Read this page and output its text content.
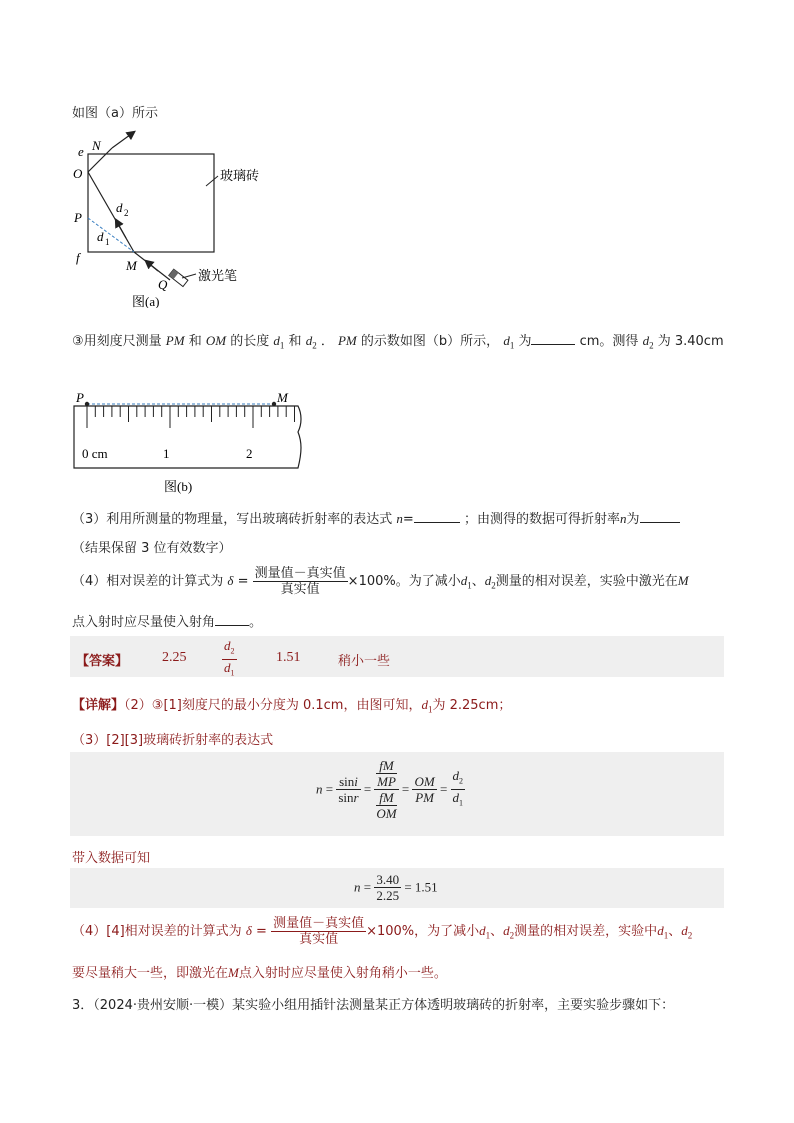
如图（a）所示
e N
O
P
f
M
Q
d 2
d 1
玻璃砖
激光笔
图(a)
③用刻度尺测量 PM 和 OM 的长度 $d_1$ 和 $d_2$ ． PM 的示数如图（b）所示， $d_1$ 为	cm。测得 $d_2$ 为 3.40cm
P	M
0 cm	1	2
图(b)
（3）利用所测量的物理量，写出玻璃砖折射率的表达式 n=	；由测得的数据可得折射率n为
（结果保留 3 位有效数字）
（4）相对误差的计算式为 $\delta = \frac{\text{测量值－真实值}}{\text{真实值}} \times 100\%$。为了减小$d_1$、$d_2$测量的相对误差，实验中激光在M
点入射时应尽量使入射角	。
【答案】 2.25
$d_2$
$d_1$
1.51	稍小一些
【详解】（2）③[1]刻度尺的最小分度为 0.1cm，由图可知，$d_1$为 2.25cm；
（3）[2][3]玻璃砖折射率的表达式
$n = \frac{\sin i}{\sin r}$ = fM
MP
fM
OM = $\frac{OM}{PM} = \frac{d_2}{d_1}$
带入数据可知
$n = \frac{3.40}{2.25} = 1.51$
（4）[4]相对误差的计算式为 $\delta = \frac{\text{测量值－真实值}}{\text{真实值}} \times 100\%$，为了减小$d_1$、$d_2$测量的相对误差，实验中$d_1$、$d_2$
要尽量稍大一些，即激光在M点入射时应尽量使入射角稍小一些。
3．（2024·贵州安顺·一模）某实验小组用插针法测量某正方体透明玻璃砖的折射率，主要实验步骤如下：
